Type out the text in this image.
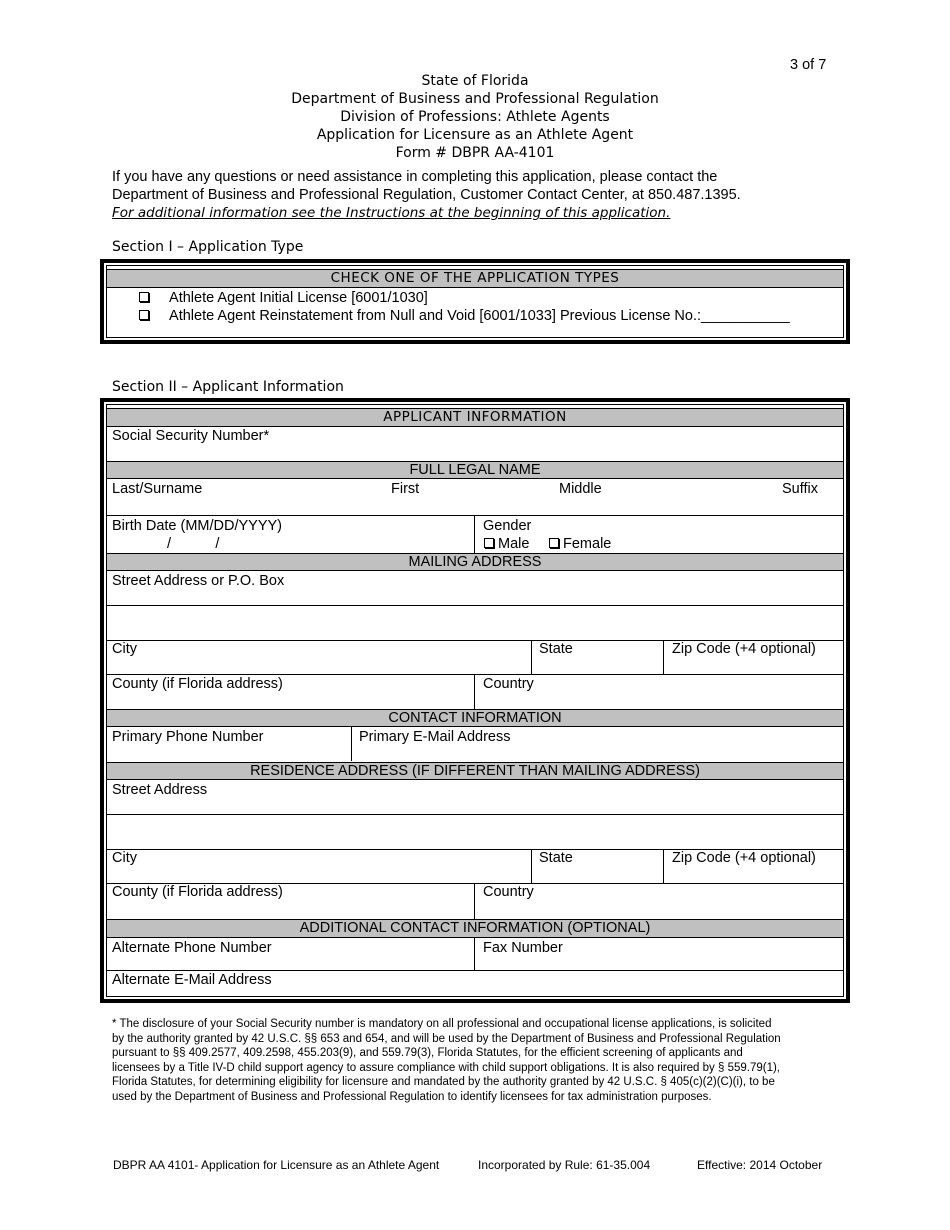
3 of 7
State of Florida
Department of Business and Professional Regulation
Division of Professions: Athlete Agents
Application for Licensure as an Athlete Agent
Form # DBPR AA-4101
If you have any questions or need assistance in completing this application, please contact the
Department of Business and Professional Regulation, Customer Contact Center, at 850.487.1395.
For additional information see the Instructions at the beginning of this application.
Section I – Application Type
CHECK ONE OF THE APPLICATION TYPES
Athlete Agent Initial License [6001/1030]
Athlete Agent Reinstatement from Null and Void [6001/1033] Previous License No.:___________
Section II – Applicant Information
APPLICANT INFORMATION
Social Security Number*
FULL LEGAL NAME
Last/Surname	First	Middle	Suffix
Birth Date (MM/DD/YYYY)
/           /
Gender
Male	Female
MAILING ADDRESS
Street Address or P.O. Box
City	State	Zip Code (+4 optional)
County (if Florida address)	Country
CONTACT INFORMATION
Primary Phone Number	Primary E-Mail Address
RESIDENCE ADDRESS (IF DIFFERENT THAN MAILING ADDRESS)
Street Address
City	State	Zip Code (+4 optional)
County (if Florida address)	Country
ADDITIONAL CONTACT INFORMATION (OPTIONAL)
Alternate Phone Number	Fax Number
Alternate E-Mail Address
* The disclosure of your Social Security number is mandatory on all professional and occupational license applications, is solicited
by the authority granted by 42 U.S.C. §§ 653 and 654, and will be used by the Department of Business and Professional Regulation
pursuant to §§ 409.2577, 409.2598, 455.203(9), and 559.79(3), Florida Statutes, for the efficient screening of applicants and
licensees by a Title IV-D child support agency to assure compliance with child support obligations. It is also required by § 559.79(1),
Florida Statutes, for determining eligibility for licensure and mandated by the authority granted by 42 U.S.C. § 405(c)(2)(C)(i), to be
used by the Department of Business and Professional Regulation to identify licensees for tax administration purposes.
DBPR AA 4101- Application for Licensure as an Athlete Agent	Incorporated by Rule: 61-35.004	Effective: 2014 October
